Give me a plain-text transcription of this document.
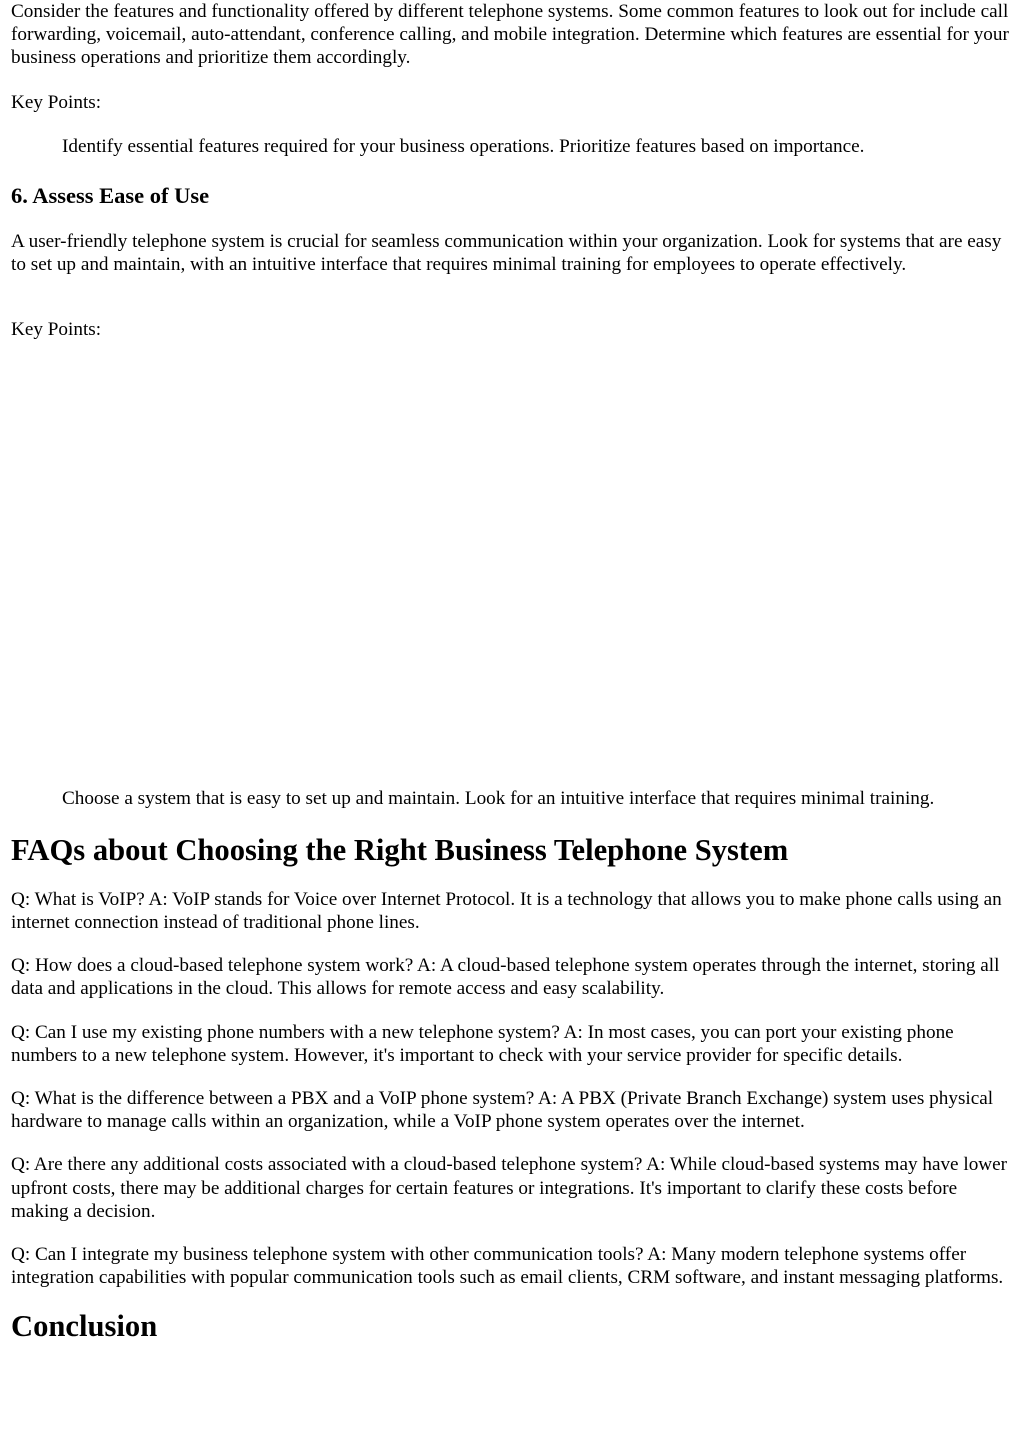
Consider the features and functionality offered by different telephone systems. Some common features to look out for include call forwarding, voicemail, auto-attendant, conference calling, and mobile integration. Determine which features are essential for your business operations and prioritize them accordingly.

Key Points:

Identify essential features required for your business operations. Prioritize features based on importance.

6. Assess Ease of Use

A user-friendly telephone system is crucial for seamless communication within your organization. Look for systems that are easy to set up and maintain, with an intuitive interface that requires minimal training for employees to operate effectively.

Key Points:

Choose a system that is easy to set up and maintain. Look for an intuitive interface that requires minimal training.

FAQs about Choosing the Right Business Telephone System

Q: What is VoIP? A: VoIP stands for Voice over Internet Protocol. It is a technology that allows you to make phone calls using an internet connection instead of traditional phone lines.

Q: How does a cloud-based telephone system work? A: A cloud-based telephone system operates through the internet, storing all data and applications in the cloud. This allows for remote access and easy scalability.

Q: Can I use my existing phone numbers with a new telephone system? A: In most cases, you can port your existing phone numbers to a new telephone system. However, it's important to check with your service provider for specific details.

Q: What is the difference between a PBX and a VoIP phone system? A: A PBX (Private Branch Exchange) system uses physical hardware to manage calls within an organization, while a VoIP phone system operates over the internet.

Q: Are there any additional costs associated with a cloud-based telephone system? A: While cloud-based systems may have lower upfront costs, there may be additional charges for certain features or integrations. It's important to clarify these costs before making a decision.

Q: Can I integrate my business telephone system with other communication tools? A: Many modern telephone systems offer integration capabilities with popular communication tools such as email clients, CRM software, and instant messaging platforms.

Conclusion
